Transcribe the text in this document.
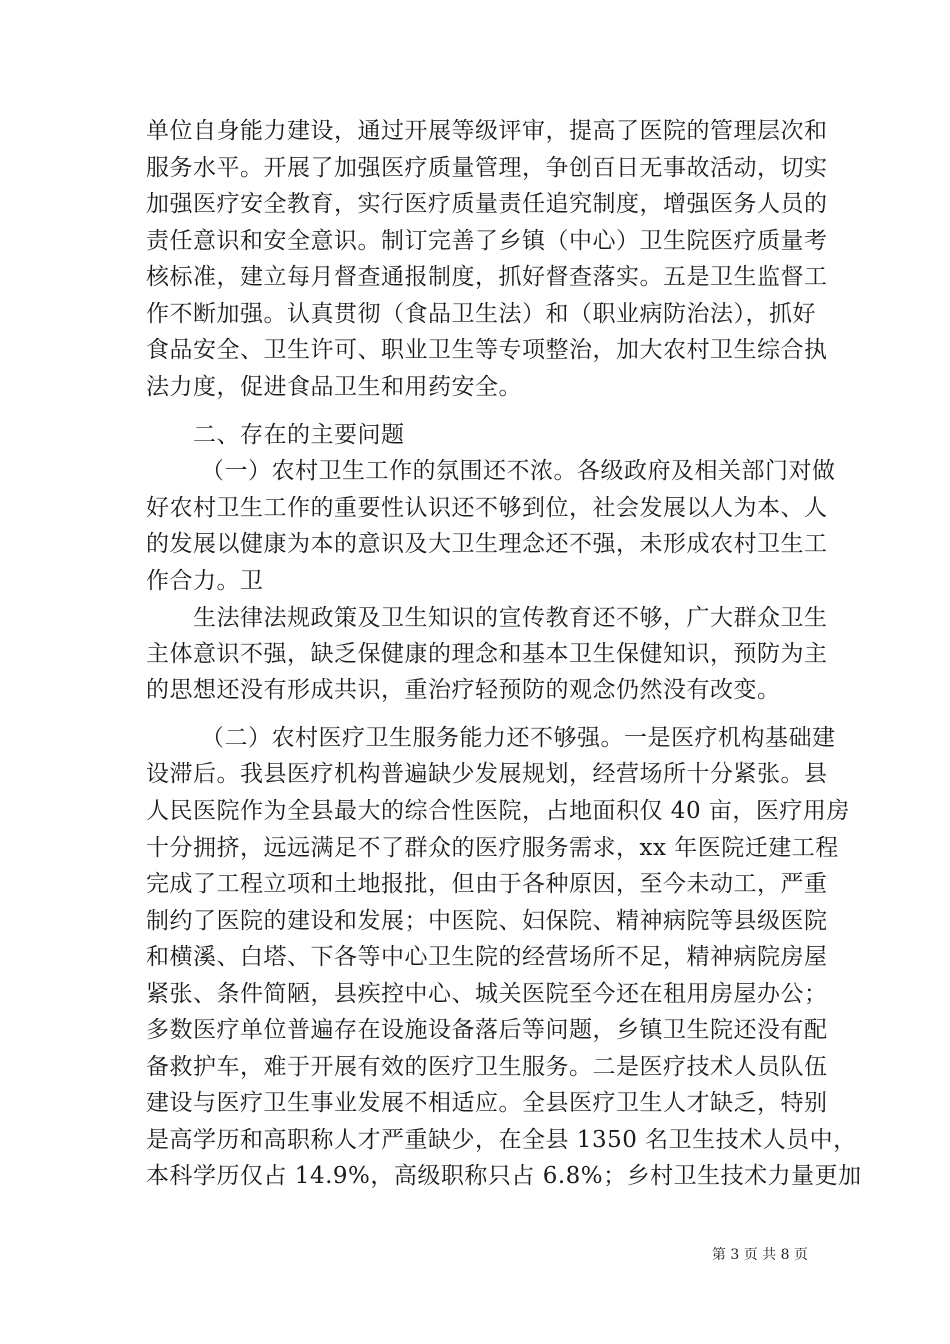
单位自身能力建设，通过开展等级评审，提高了医院的管理层次和
服务水平。开展了加强医疗质量管理，争创百日无事故活动，切实
加强医疗安全教育，实行医疗质量责任追究制度，增强医务人员的
责任意识和安全意识。制订完善了乡镇（中心）卫生院医疗质量考
核标准，建立每月督查通报制度，抓好督查落实。五是卫生监督工
作不断加强。认真贯彻（食品卫生法）和（职业病防治法），抓好
食品安全、卫生许可、职业卫生等专项整治，加大农村卫生综合执
法力度，促进食品卫生和用药安全。
二、存在的主要问题
（一）农村卫生工作的氛围还不浓。各级政府及相关部门对做
好农村卫生工作的重要性认识还不够到位，社会发展以人为本、人
的发展以健康为本的意识及大卫生理念还不强，未形成农村卫生工
作合力。卫
生法律法规政策及卫生知识的宣传教育还不够，广大群众卫生
主体意识不强，缺乏保健康的理念和基本卫生保健知识，预防为主
的思想还没有形成共识，重治疗轻预防的观念仍然没有改变。
（二）农村医疗卫生服务能力还不够强。一是医疗机构基础建
设滞后。我县医疗机构普遍缺少发展规划，经营场所十分紧张。县
人民医院作为全县最大的综合性医院，占地面积仅 40 亩，医疗用房
十分拥挤，远远满足不了群众的医疗服务需求，xx 年医院迁建工程
完成了工程立项和土地报批，但由于各种原因，至今未动工，严重
制约了医院的建设和发展；中医院、妇保院、精神病院等县级医院
和横溪、白塔、下各等中心卫生院的经营场所不足，精神病院房屋
紧张、条件简陋，县疾控中心、城关医院至今还在租用房屋办公；
多数医疗单位普遍存在设施设备落后等问题，乡镇卫生院还没有配
备救护车，难于开展有效的医疗卫生服务。二是医疗技术人员队伍
建设与医疗卫生事业发展不相适应。全县医疗卫生人才缺乏，特别
是高学历和高职称人才严重缺少，在全县 1350 名卫生技术人员中，
本科学历仅占 14.9%，高级职称只占 6.8%；乡村卫生技术力量更加
第 3 页 共 8 页
